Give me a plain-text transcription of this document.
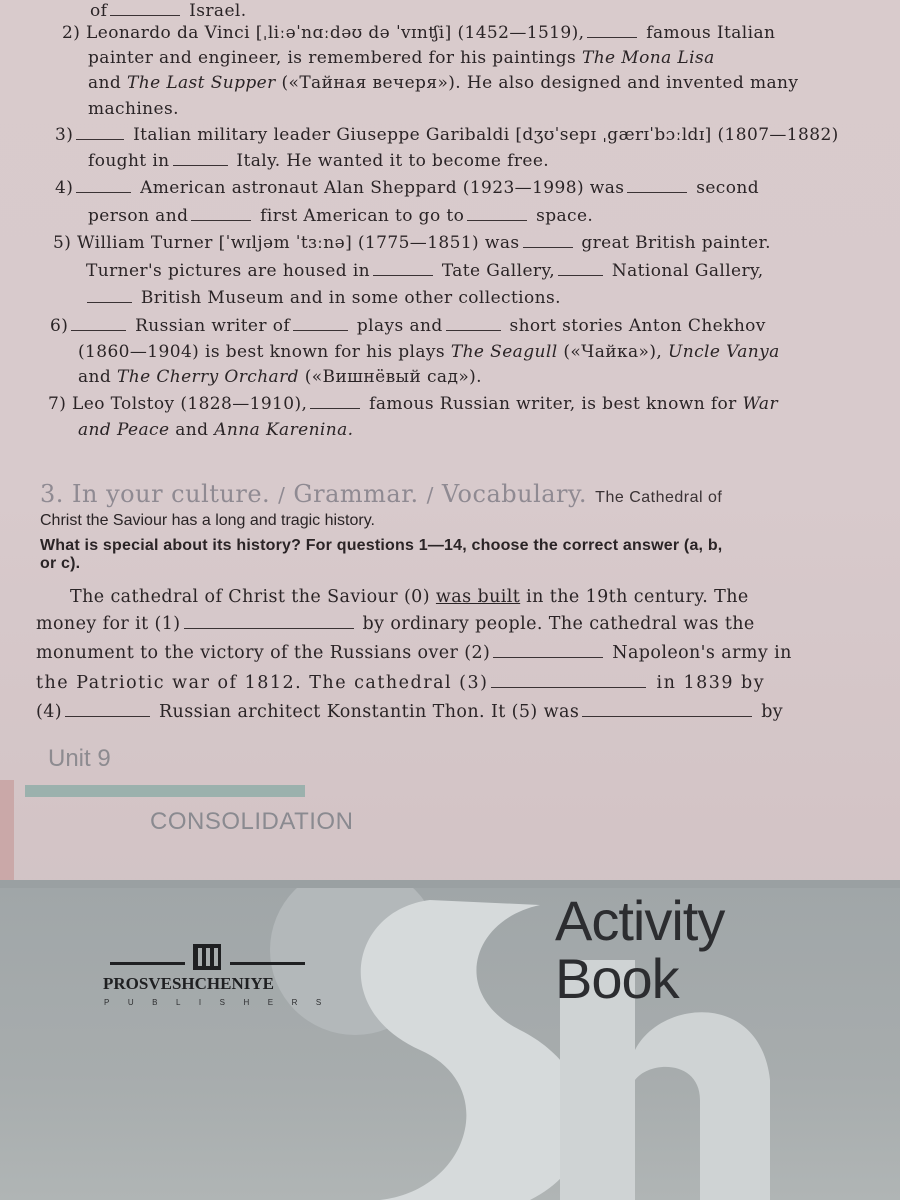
of	Israel.
2) Leonardo da Vinci [ˌliːəˈnɑːdəʊ də ˈvɪnʧi] (1452—1519),	famous Italian
painter and engineer, is remembered for his paintings The Mona Lisa
and The Last Supper («Тайная вечеря»). He also designed and invented many
machines.
3)	Italian military leader Giuseppe Garibaldi [dʒʊˈsepɪ ˌgærɪˈbɔːldɪ] (1807—1882)
fought in	Italy. He wanted it to become free.
4)	American astronaut Alan Sheppard (1923—1998) was	second
person and	first American to go to	space.
5) William Turner [ˈwɪljəm ˈtɜːnə] (1775—1851) was	great British painter.
Turner's pictures are housed in	Tate Gallery,	National Gallery,
British Museum and in some other collections.
6)	Russian writer of	plays and	short stories Anton Chekhov
(1860—1904) is best known for his plays The Seagull («Чайка»), Uncle Vanya
and The Cherry Orchard («Вишнёвый сад»).
7) Leo Tolstoy (1828—1910),	famous Russian writer, is best known for War
and Peace and Anna Karenina.
3. In your culture. / Grammar. / Vocabulary. The Cathedral of
Christ the Saviour has a long and tragic history.
What is special about its history? For questions 1—14, choose the correct answer (a, b,
or c).
The cathedral of Christ the Saviour (0) was built in the 19th century. The
money for it (1)	by ordinary people. The cathedral was the
monument to the victory of the Russians over (2)	Napoleon's army in
the Patriotic war of 1812. The cathedral (3)	in 1839 by
(4)	Russian architect Konstantin Thon. It (5) was	by
Unit 9
CONSOLIDATION
Activity
Book
PROSVESHCHENIYE
PUBLISHERS
